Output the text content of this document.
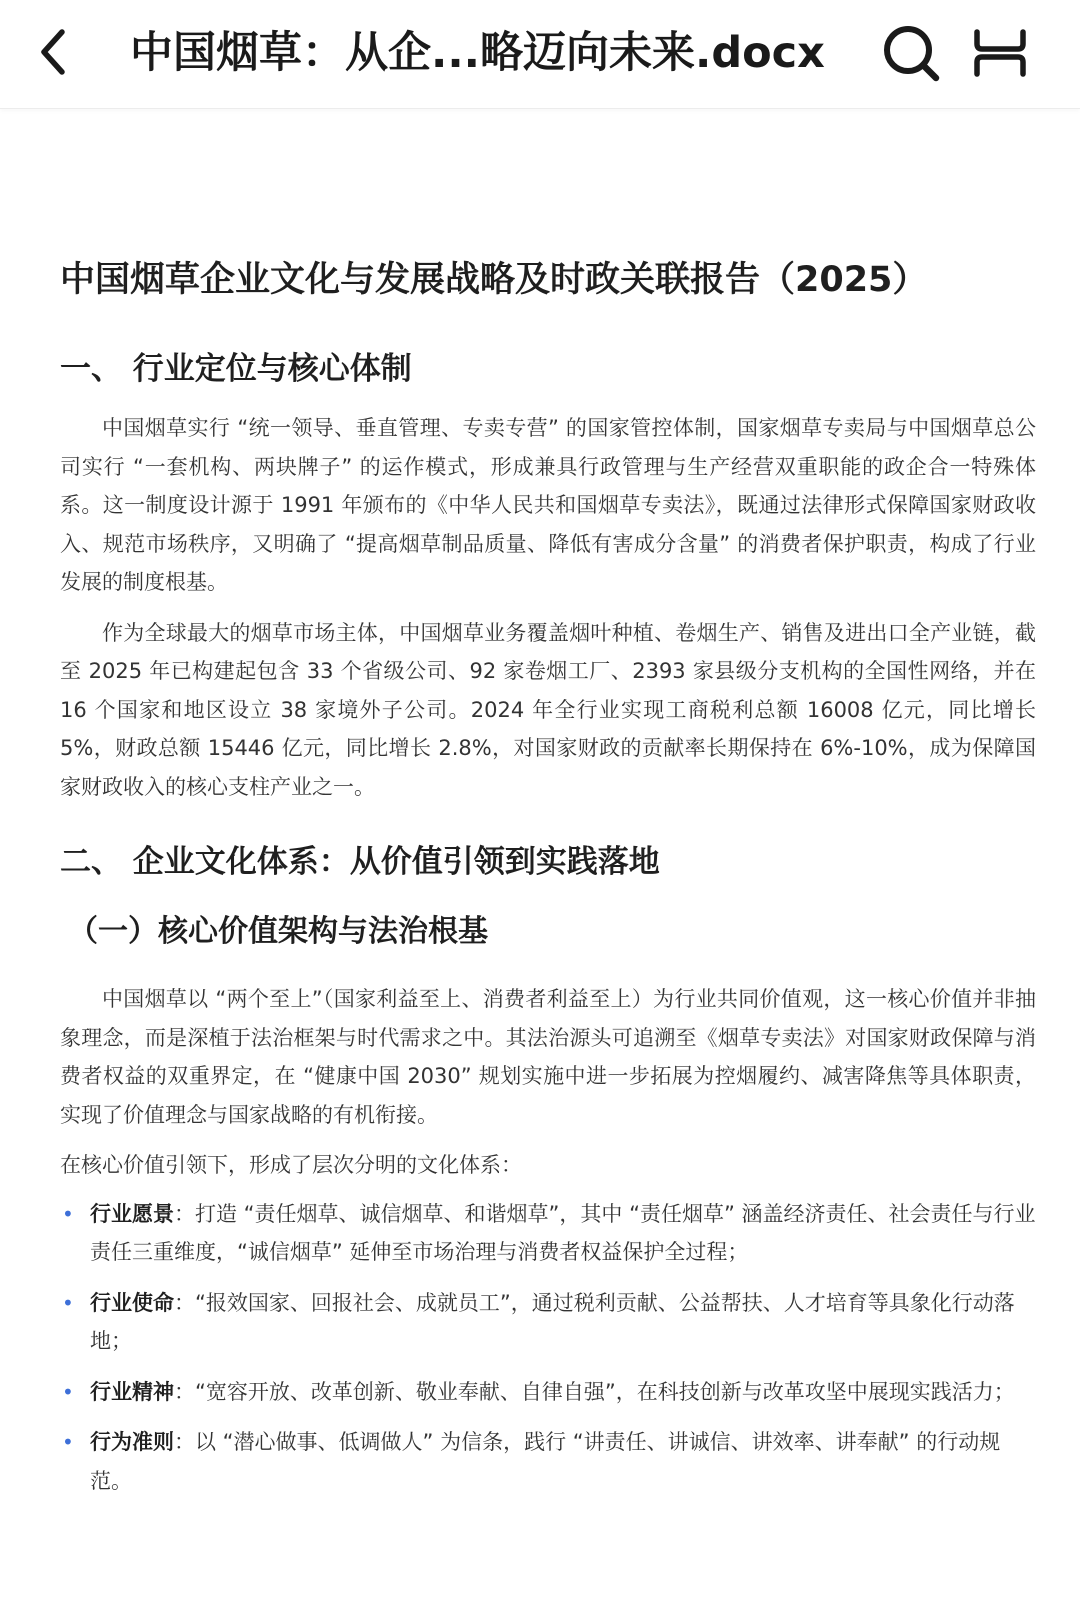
中国烟草：从企...略迈向未来.docx
中国烟草企业文化与发展战略及时政关联报告（2025）
一、 行业定位与核心体制

中国烟草实行 “统一领导、垂直管理、专卖专营” 的国家管控体制，国家烟草专卖局与中国烟草总公司实行 “一套机构、两块牌子” 的运作模式，形成兼具行政管理与生产经营双重职能的政企合一特殊体系。这一制度设计源于 1991 年颁布的《中华人民共和国烟草专卖法》，既通过法律形式保障国家财政收入、规范市场秩序，又明确了 “提高烟草制品质量、降低有害成分含量” 的消费者保护职责，构成了行业发展的制度根基。

作为全球最大的烟草市场主体，中国烟草业务覆盖烟叶种植、卷烟生产、销售及进出口全产业链，截至 2025 年已构建起包含 33 个省级公司、92 家卷烟工厂、2393 家县级分支机构的全国性网络，并在 16 个国家和地区设立 38 家境外子公司。2024 年全行业实现工商税利总额 16008 亿元，同比增长 5%，财政总额 15446 亿元，同比增长 2.8%，对国家财政的贡献率长期保持在 6%-10%，成为保障国家财政收入的核心支柱产业之一。

二、 企业文化体系：从价值引领到实践落地
（一）核心价值架构与法治根基

中国烟草以 “两个至上”（国家利益至上、消费者利益至上）为行业共同价值观，这一核心价值并非抽象理念，而是深植于法治框架与时代需求之中。其法治源头可追溯至《烟草专卖法》对国家财政保障与消费者权益的双重界定，在 “健康中国 2030” 规划实施中进一步拓展为控烟履约、减害降焦等具体职责，实现了价值理念与国家战略的有机衔接。

在核心价值引领下，形成了层次分明的文化体系：

• 行业愿景：打造 “责任烟草、诚信烟草、和谐烟草”，其中 “责任烟草” 涵盖经济责任、社会责任与行业责任三重维度，“诚信烟草” 延伸至市场治理与消费者权益保护全过程；
• 行业使命：“报效国家、回报社会、成就员工”，通过税利贡献、公益帮扶、人才培育等具象化行动落地；
• 行业精神：“宽容开放、改革创新、敬业奉献、自律自强”，在科技创新与改革攻坚中展现实践活力；
• 行为准则：以 “潜心做事、低调做人” 为信条，践行 “讲责任、讲诚信、讲效率、讲奉献” 的行动规范。
